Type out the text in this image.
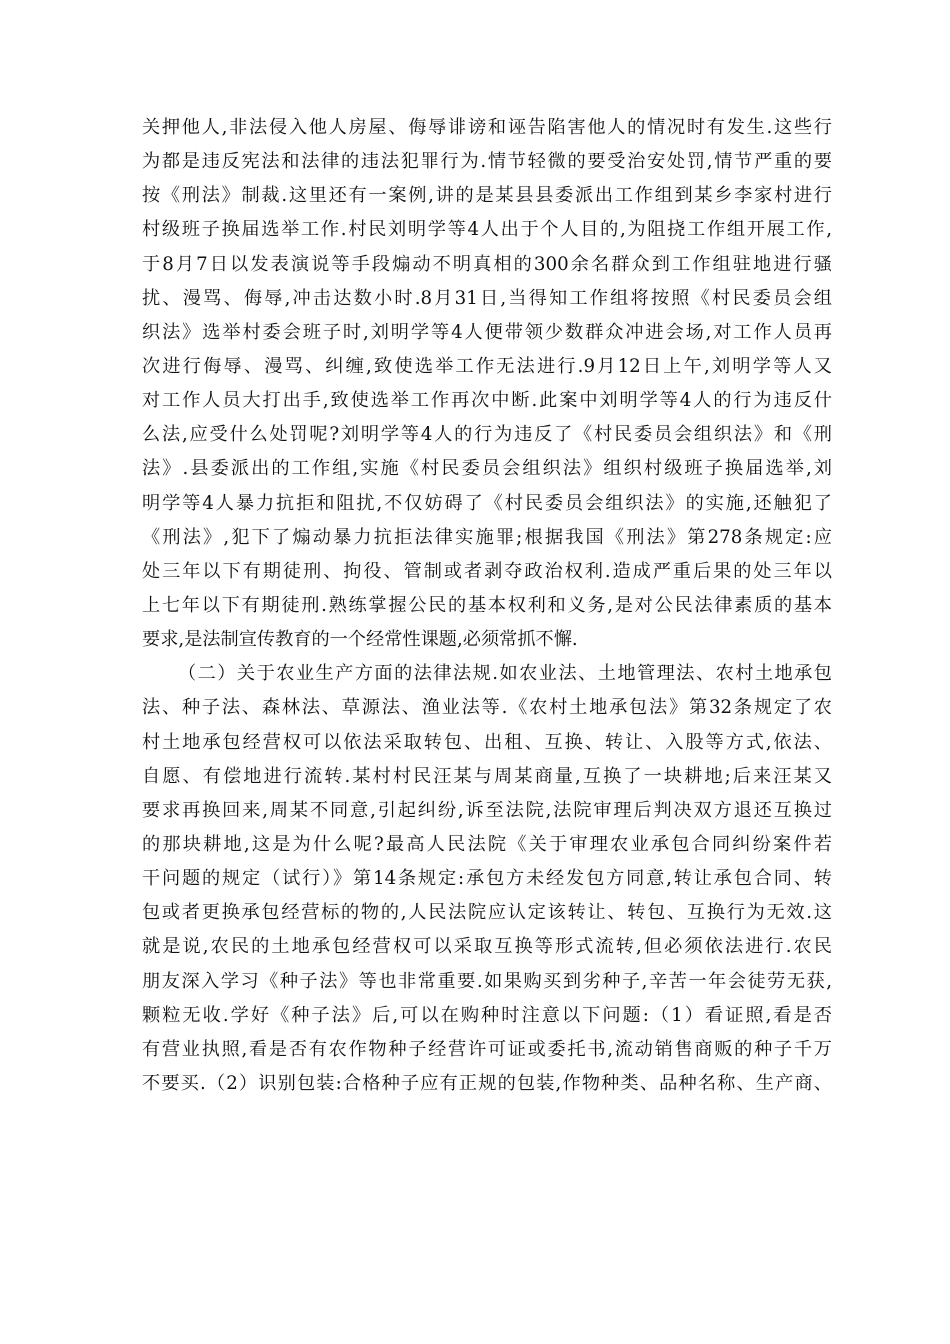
关押他人,非法侵入他人房屋、侮辱诽谤和诬告陷害他人的情况时有发生.这些行
为都是违反宪法和法律的违法犯罪行为.情节轻微的要受治安处罚,情节严重的要
按《刑法》制裁.这里还有一案例,讲的是某县县委派出工作组到某乡李家村进行
村级班子换届选举工作.村民刘明学等4人出于个人目的,为阻挠工作组开展工作,
于8月7日以发表演说等手段煽动不明真相的300余名群众到工作组驻地进行骚
扰、漫骂、侮辱,冲击达数小时.8月31日,当得知工作组将按照《村民委员会组
织法》选举村委会班子时,刘明学等4人便带领少数群众冲进会场,对工作人员再
次进行侮辱、漫骂、纠缠,致使选举工作无法进行.9月12日上午,刘明学等人又
对工作人员大打出手,致使选举工作再次中断.此案中刘明学等4人的行为违反什
么法,应受什么处罚呢?刘明学等4人的行为违反了《村民委员会组织法》和《刑
法》.县委派出的工作组,实施《村民委员会组织法》组织村级班子换届选举,刘
明学等4人暴力抗拒和阻扰,不仅妨碍了《村民委员会组织法》的实施,还触犯了
《刑法》,犯下了煽动暴力抗拒法律实施罪;根据我国《刑法》第278条规定:应
处三年以下有期徒刑、拘役、管制或者剥夺政治权利.造成严重后果的处三年以
上七年以下有期徒刑.熟练掌握公民的基本权利和义务,是对公民法律素质的基本
要求,是法制宣传教育的一个经常性课题,必须常抓不懈.
（二）关于农业生产方面的法律法规.如农业法、土地管理法、农村土地承包
法、种子法、森林法、草源法、渔业法等.《农村土地承包法》第32条规定了农
村土地承包经营权可以依法采取转包、出租、互换、转让、入股等方式,依法、
自愿、有偿地进行流转.某村村民汪某与周某商量,互换了一块耕地;后来汪某又
要求再换回来,周某不同意,引起纠纷,诉至法院,法院审理后判决双方退还互换过
的那块耕地,这是为什么呢?最高人民法院《关于审理农业承包合同纠纷案件若
干问题的规定（试行）》第14条规定:承包方未经发包方同意,转让承包合同、转
包或者更换承包经营标的物的,人民法院应认定该转让、转包、互换行为无效.这
就是说,农民的土地承包经营权可以采取互换等形式流转,但必须依法进行.农民
朋友深入学习《种子法》等也非常重要.如果购买到劣种子,辛苦一年会徒劳无获,
颗粒无收.学好《种子法》后,可以在购种时注意以下问题:（1）看证照,看是否
有营业执照,看是否有农作物种子经营许可证或委托书,流动销售商贩的种子千万
不要买.（2）识别包装:合格种子应有正规的包装,作物种类、品种名称、生产商、
